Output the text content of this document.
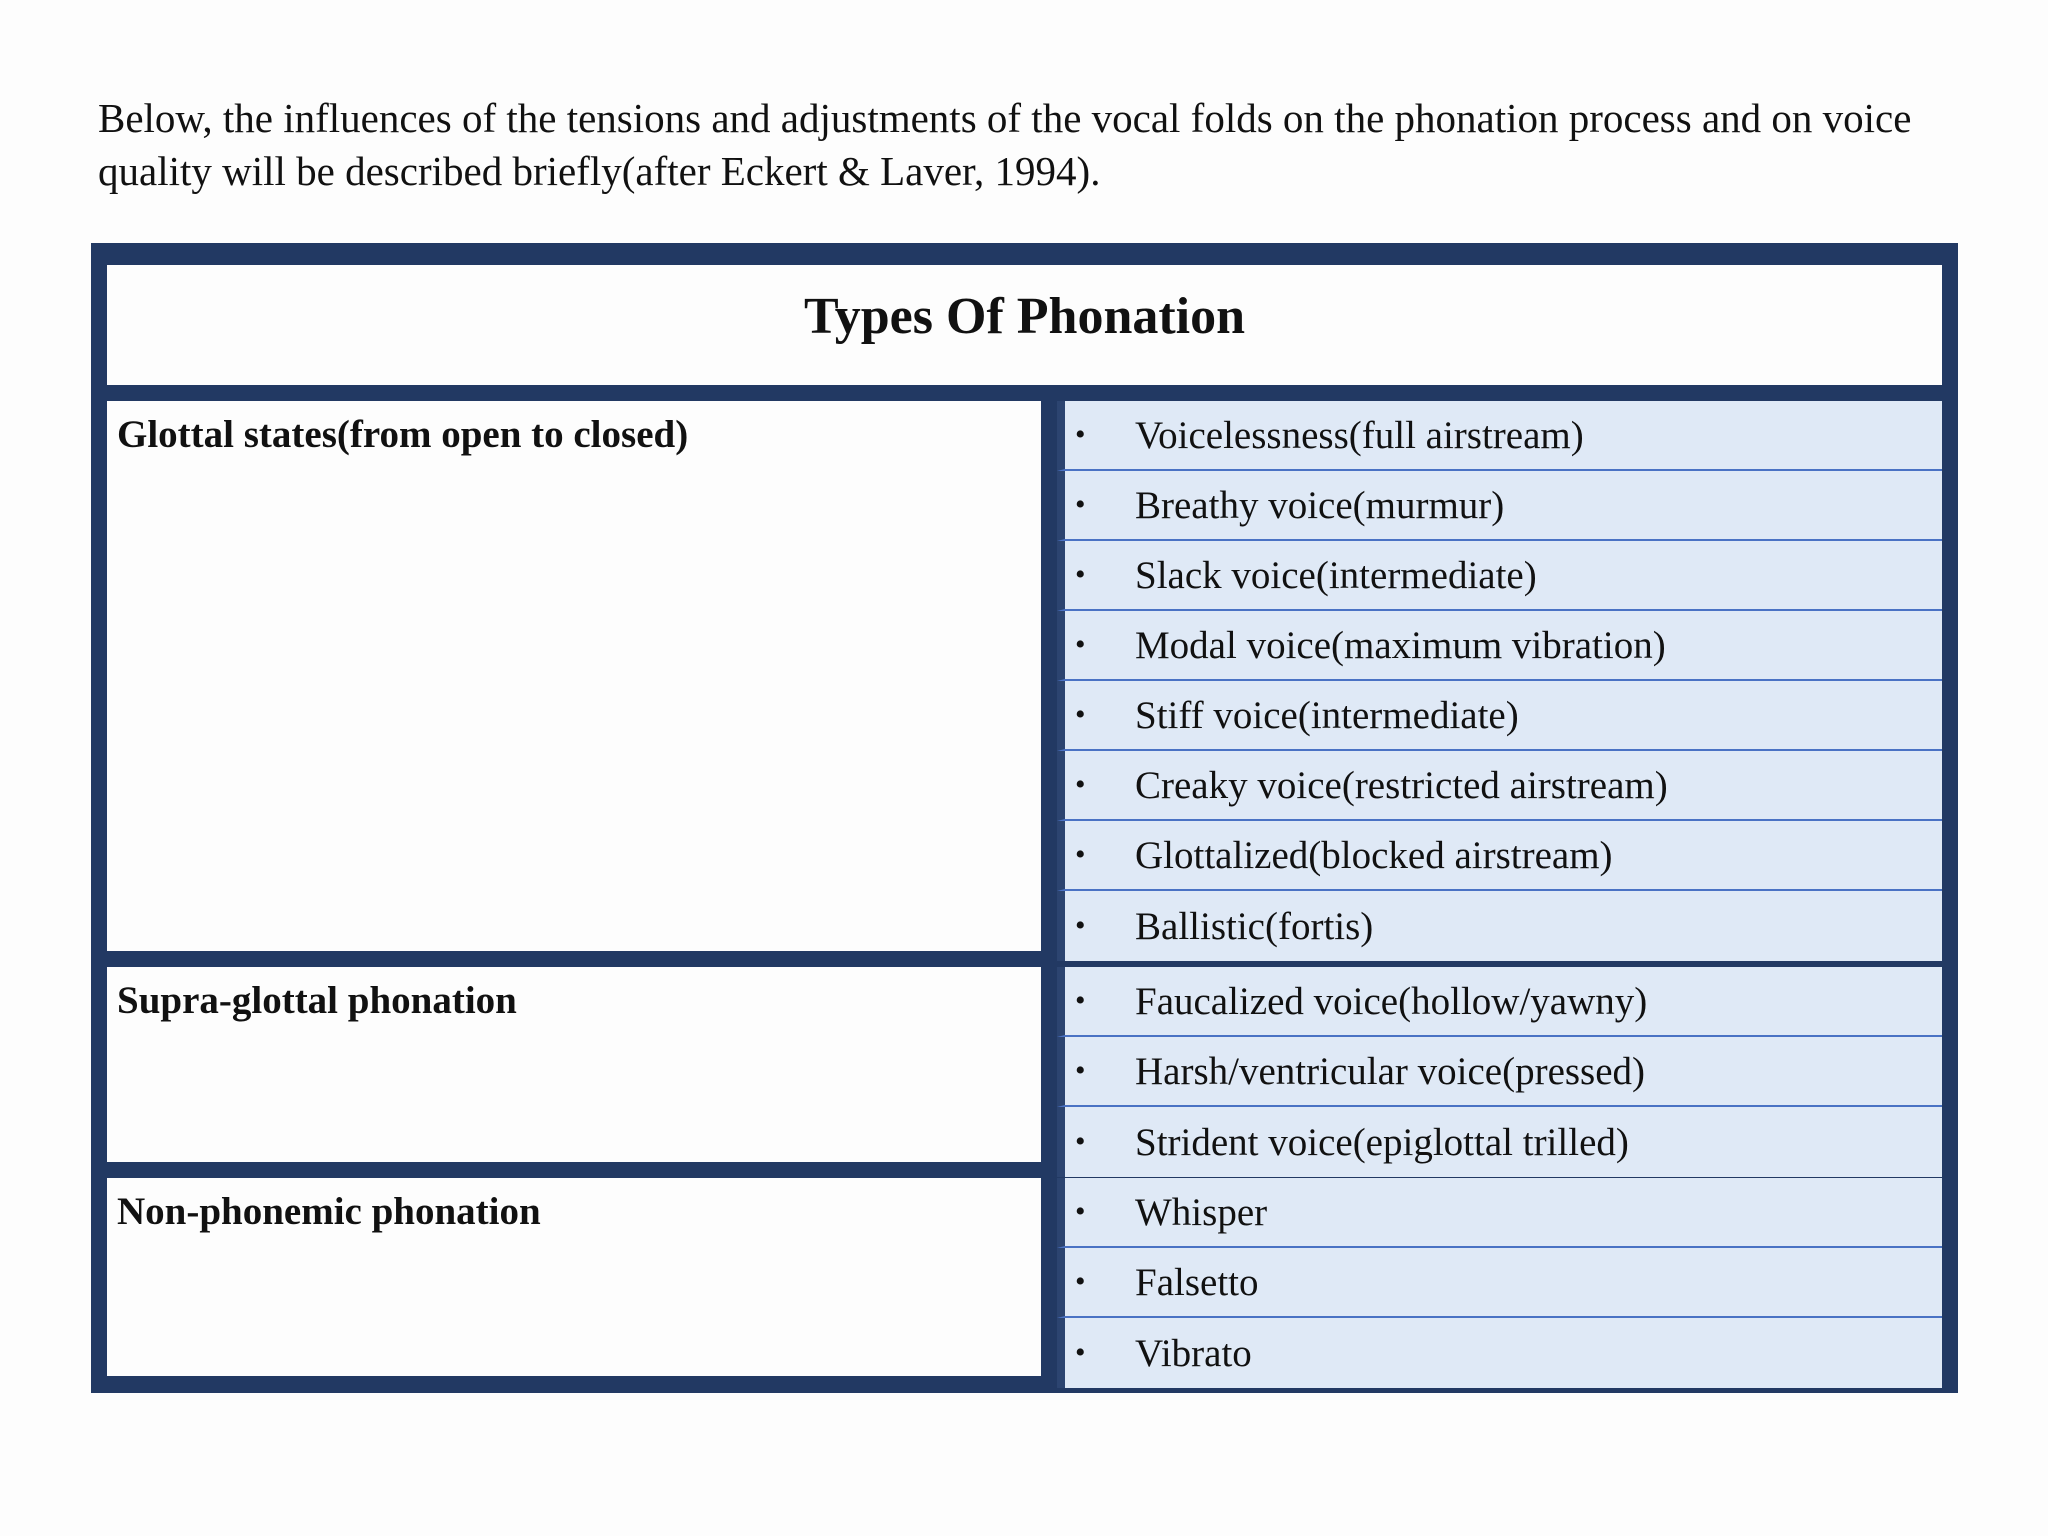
Below, the influences of the tensions and adjustments of the vocal folds on the phonation process and on voice quality will be described briefly(after Eckert & Laver, 1994).

Types Of Phonation
Glottal states(from open to closed)	•	Voicelessness(full airstream)
•	Breathy voice(murmur)
•	Slack voice(intermediate)
•	Modal voice(maximum vibration)
•	Stiff voice(intermediate)
•	Creaky voice(restricted airstream)
•	Glottalized(blocked airstream)
•	Ballistic(fortis)
Supra-glottal phonation	•	Faucalized voice(hollow/yawny)
•	Harsh/ventricular voice(pressed)
•	Strident voice(epiglottal trilled)
Non-phonemic phonation	•	Whisper
•	Falsetto
•	Vibrato
